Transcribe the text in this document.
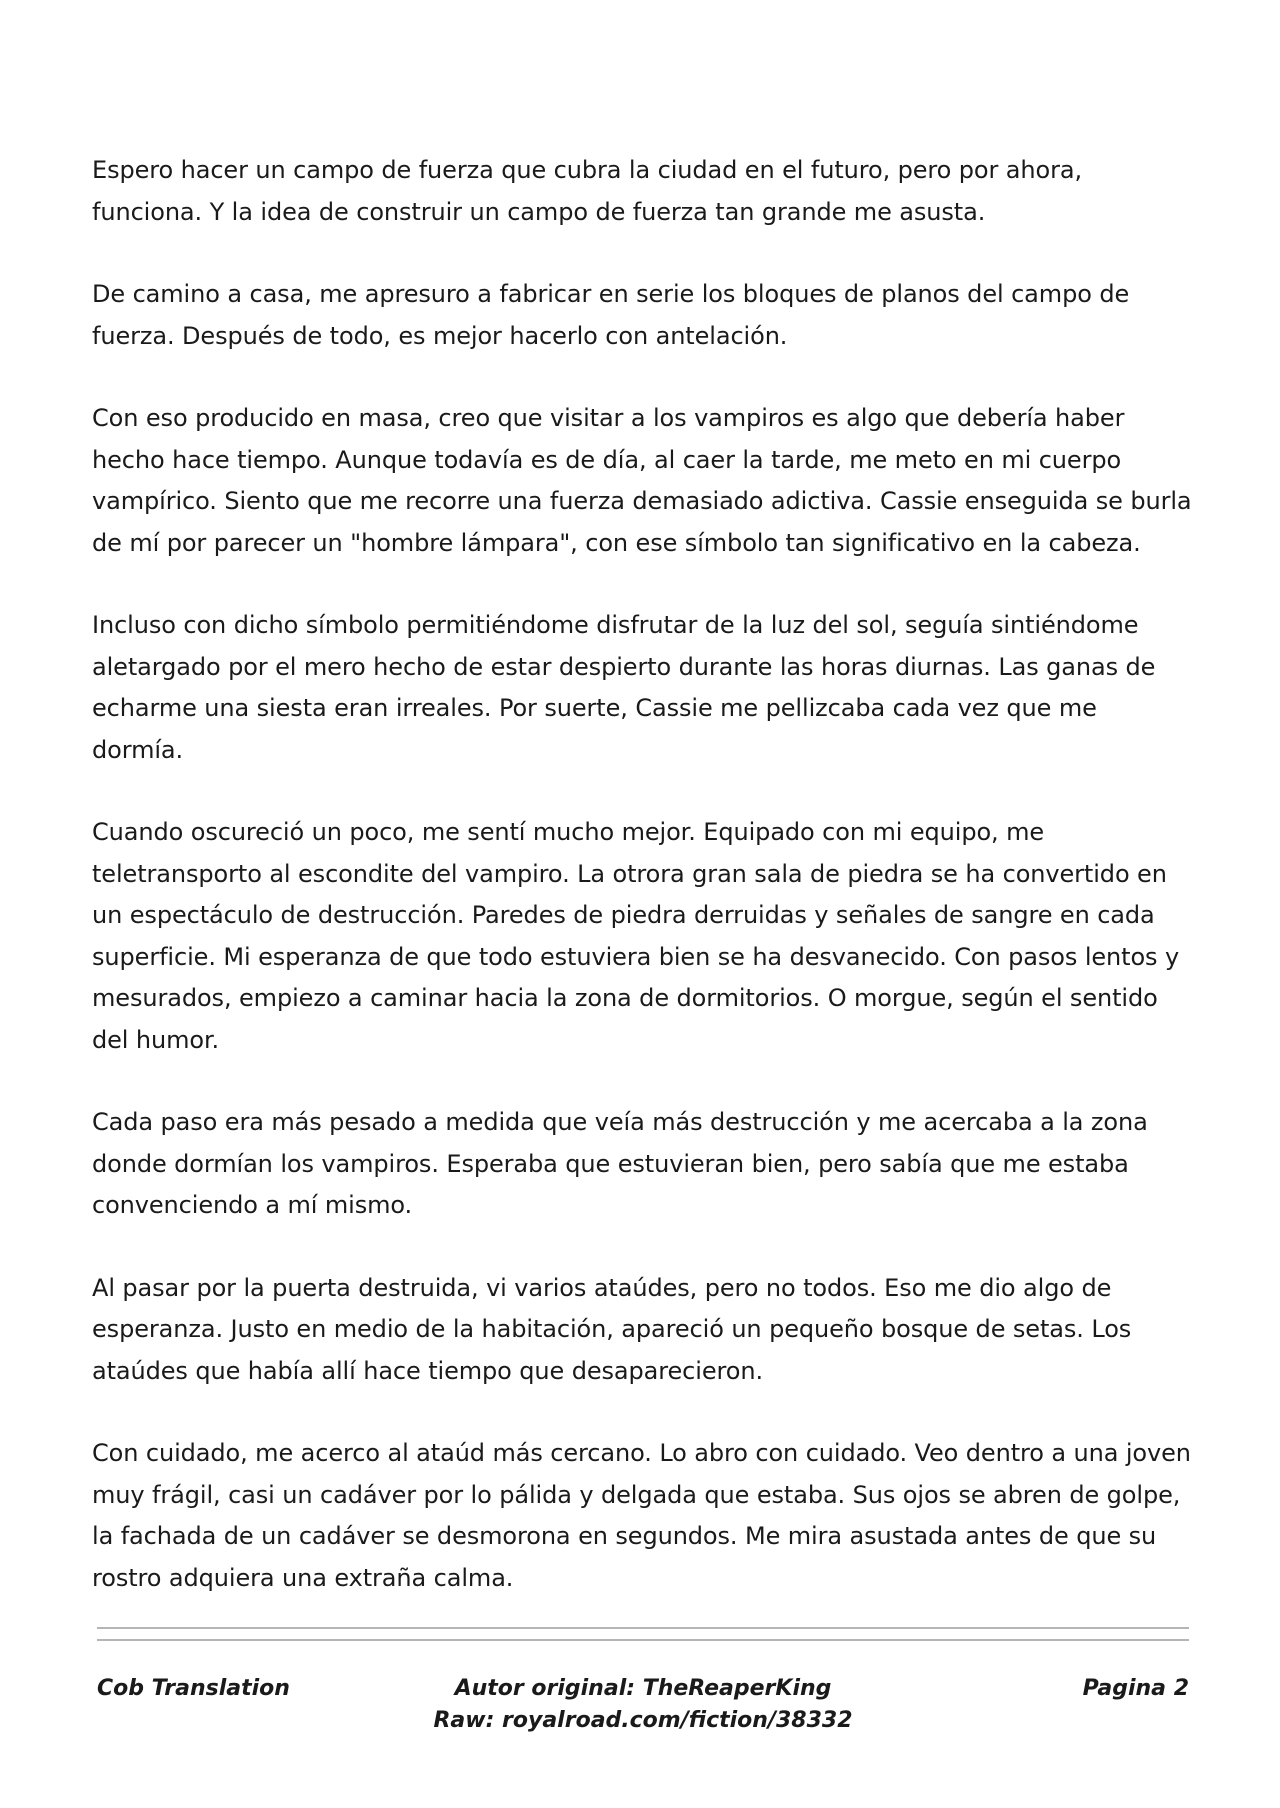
Espero hacer un campo de fuerza que cubra la ciudad en el futuro, pero por ahora, funciona. Y la idea de construir un campo de fuerza tan grande me asusta.

De camino a casa, me apresuro a fabricar en serie los bloques de planos del campo de fuerza. Después de todo, es mejor hacerlo con antelación.

Con eso producido en masa, creo que visitar a los vampiros es algo que debería haber hecho hace tiempo. Aunque todavía es de día, al caer la tarde, me meto en mi cuerpo vampírico. Siento que me recorre una fuerza demasiado adictiva. Cassie enseguida se burla de mí por parecer un "hombre lámpara", con ese símbolo tan significativo en la cabeza.

Incluso con dicho símbolo permitiéndome disfrutar de la luz del sol, seguía sintiéndome aletargado por el mero hecho de estar despierto durante las horas diurnas. Las ganas de echarme una siesta eran irreales. Por suerte, Cassie me pellizcaba cada vez que me dormía.

Cuando oscureció un poco, me sentí mucho mejor. Equipado con mi equipo, me teletransporto al escondite del vampiro. La otrora gran sala de piedra se ha convertido en un espectáculo de destrucción. Paredes de piedra derruidas y señales de sangre en cada superficie. Mi esperanza de que todo estuviera bien se ha desvanecido. Con pasos lentos y mesurados, empiezo a caminar hacia la zona de dormitorios. O morgue, según el sentido del humor.

Cada paso era más pesado a medida que veía más destrucción y me acercaba a la zona donde dormían los vampiros. Esperaba que estuvieran bien, pero sabía que me estaba convenciendo a mí mismo.

Al pasar por la puerta destruida, vi varios ataúdes, pero no todos. Eso me dio algo de esperanza. Justo en medio de la habitación, apareció un pequeño bosque de setas. Los ataúdes que había allí hace tiempo que desaparecieron.

Con cuidado, me acerco al ataúd más cercano. Lo abro con cuidado. Veo dentro a una joven muy frágil, casi un cadáver por lo pálida y delgada que estaba. Sus ojos se abren de golpe, la fachada de un cadáver se desmorona en segundos. Me mira asustada antes de que su rostro adquiera una extraña calma.

Cob Translation	Autor original: TheReaperKing
Raw: royalroad.com/fiction/38332
Pagina 2
